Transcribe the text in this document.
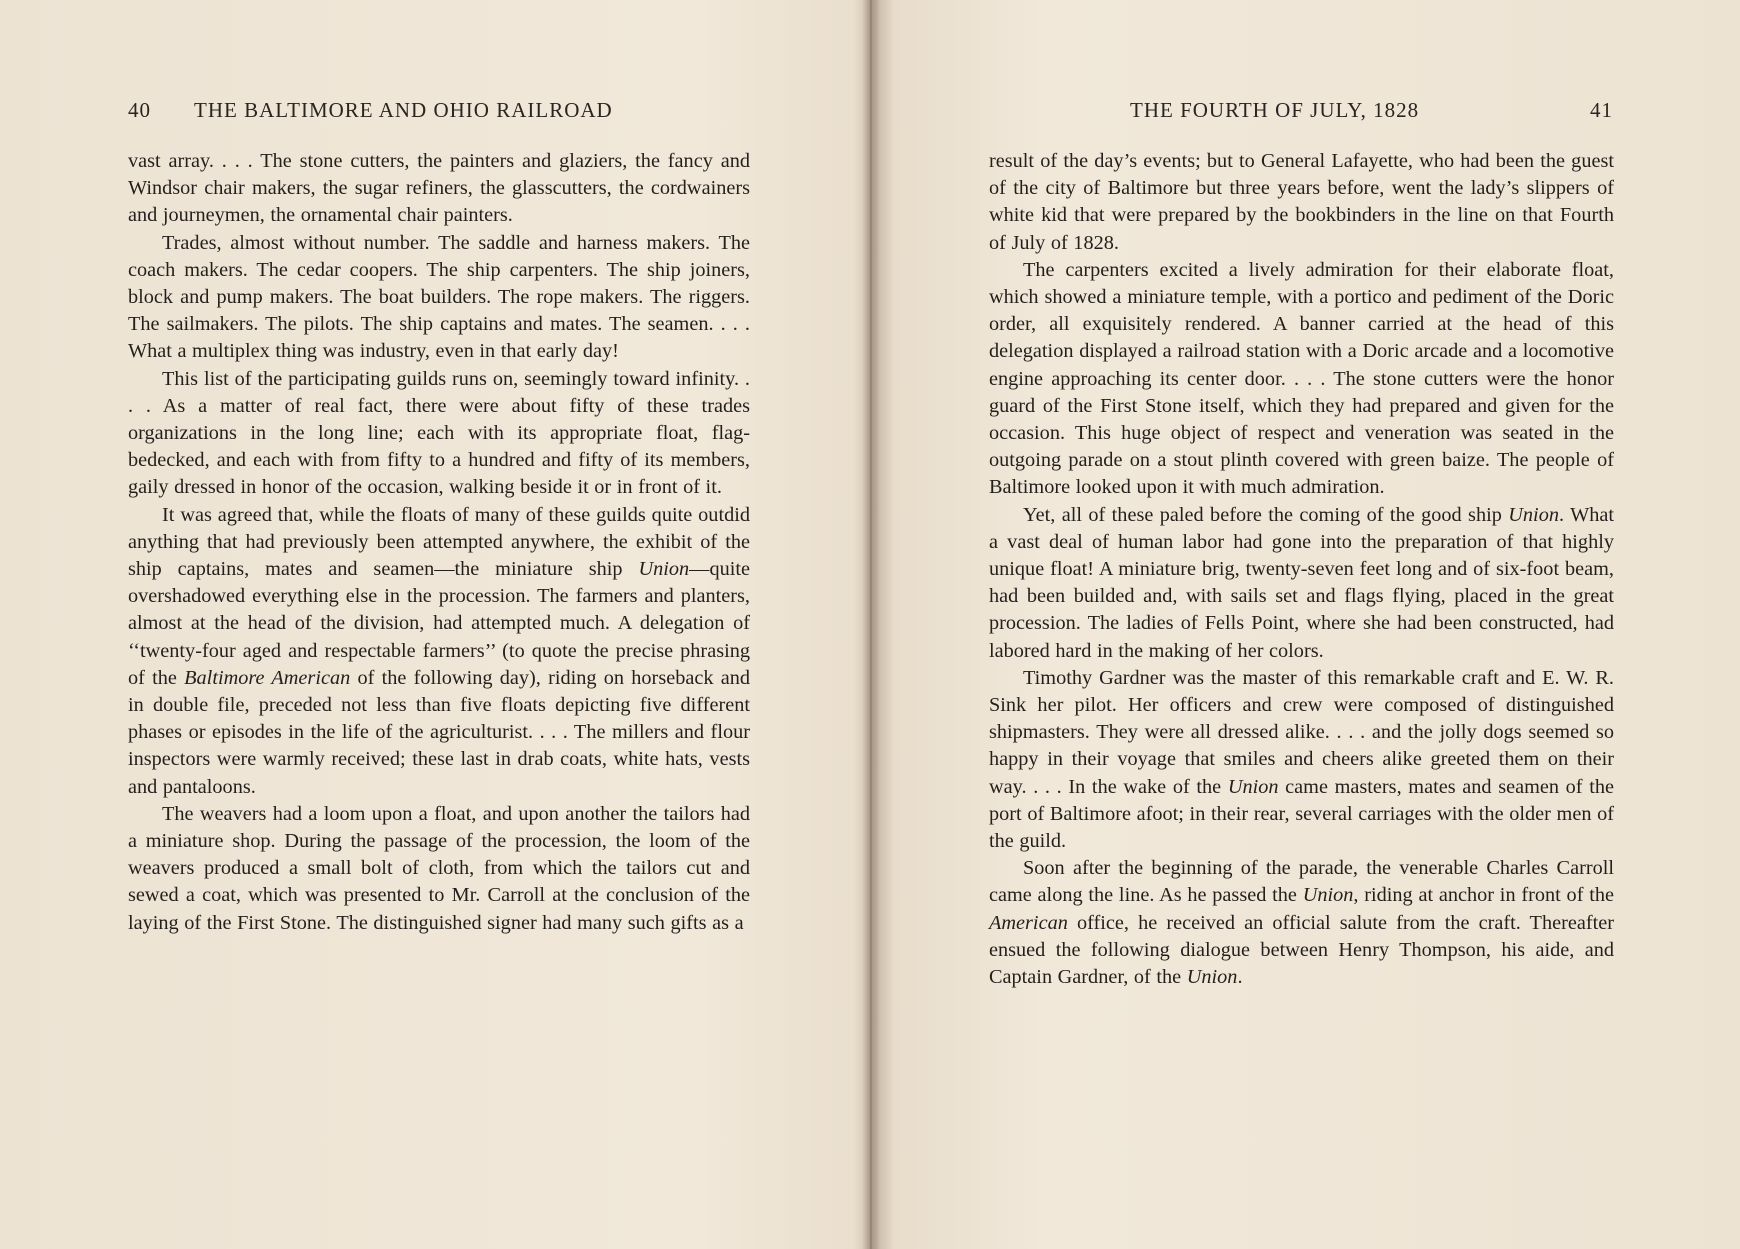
40 THE BALTIMORE AND OHIO RAILROAD

vast array. . . . The stone cutters, the painters and glaziers, the fancy and Windsor chair makers, the sugar refiners, the glasscutters, the cordwainers and journeymen, the ornamental chair painters.

Trades, almost without number. The saddle and harness makers. The coach makers. The cedar coopers. The ship carpenters. The ship joiners, block and pump makers. The boat builders. The rope makers. The riggers. The sailmakers. The pilots. The ship captains and mates. The seamen. . . . What a multiplex thing was industry, even in that early day!

This list of the participating guilds runs on, seemingly toward infinity. . . . As a matter of real fact, there were about fifty of these trades organizations in the long line; each with its appropriate float, flag-bedecked, and each with from fifty to a hundred and fifty of its members, gaily dressed in honor of the occasion, walking beside it or in front of it.

It was agreed that, while the floats of many of these guilds quite outdid anything that had previously been attempted anywhere, the exhibit of the ship captains, mates and seamen—the miniature ship Union—quite overshadowed everything else in the procession. The farmers and planters, almost at the head of the division, had attempted much. A delegation of ‘‘twenty-four aged and respectable farmers’’ (to quote the precise phrasing of the Baltimore American of the following day), riding on horseback and in double file, preceded not less than five floats depicting five different phases or episodes in the life of the agriculturist. . . . The millers and flour inspectors were warmly received; these last in drab coats, white hats, vests and pantaloons.

The weavers had a loom upon a float, and upon another the tailors had a miniature shop. During the passage of the procession, the loom of the weavers produced a small bolt of cloth, from which the tailors cut and sewed a coat, which was presented to Mr. Carroll at the conclusion of the laying of the First Stone. The distinguished signer had many such gifts as a

THE FOURTH OF JULY, 1828	41

result of the day’s events; but to General Lafayette, who had been the guest of the city of Baltimore but three years before, went the lady’s slippers of white kid that were prepared by the bookbinders in the line on that Fourth of July of 1828.

The carpenters excited a lively admiration for their elaborate float, which showed a miniature temple, with a portico and pediment of the Doric order, all exquisitely rendered. A banner carried at the head of this delegation displayed a railroad station with a Doric arcade and a locomotive engine approaching its center door. . . . The stone cutters were the honor guard of the First Stone itself, which they had prepared and given for the occasion. This huge object of respect and veneration was seated in the outgoing parade on a stout plinth covered with green baize. The people of Baltimore looked upon it with much admiration.

Yet, all of these paled before the coming of the good ship Union. What a vast deal of human labor had gone into the preparation of that highly unique float! A miniature brig, twenty-seven feet long and of six-foot beam, had been builded and, with sails set and flags flying, placed in the great procession. The ladies of Fells Point, where she had been constructed, had labored hard in the making of her colors.

Timothy Gardner was the master of this remarkable craft and E. W. R. Sink her pilot. Her officers and crew were composed of distinguished shipmasters. They were all dressed alike. . . . and the jolly dogs seemed so happy in their voyage that smiles and cheers alike greeted them on their way. . . . In the wake of the Union came masters, mates and seamen of the port of Baltimore afoot; in their rear, several carriages with the older men of the guild.

Soon after the beginning of the parade, the venerable Charles Carroll came along the line. As he passed the Union, riding at anchor in front of the American office, he received an official salute from the craft. Thereafter ensued the following dialogue between Henry Thompson, his aide, and Captain Gardner, of the Union.
